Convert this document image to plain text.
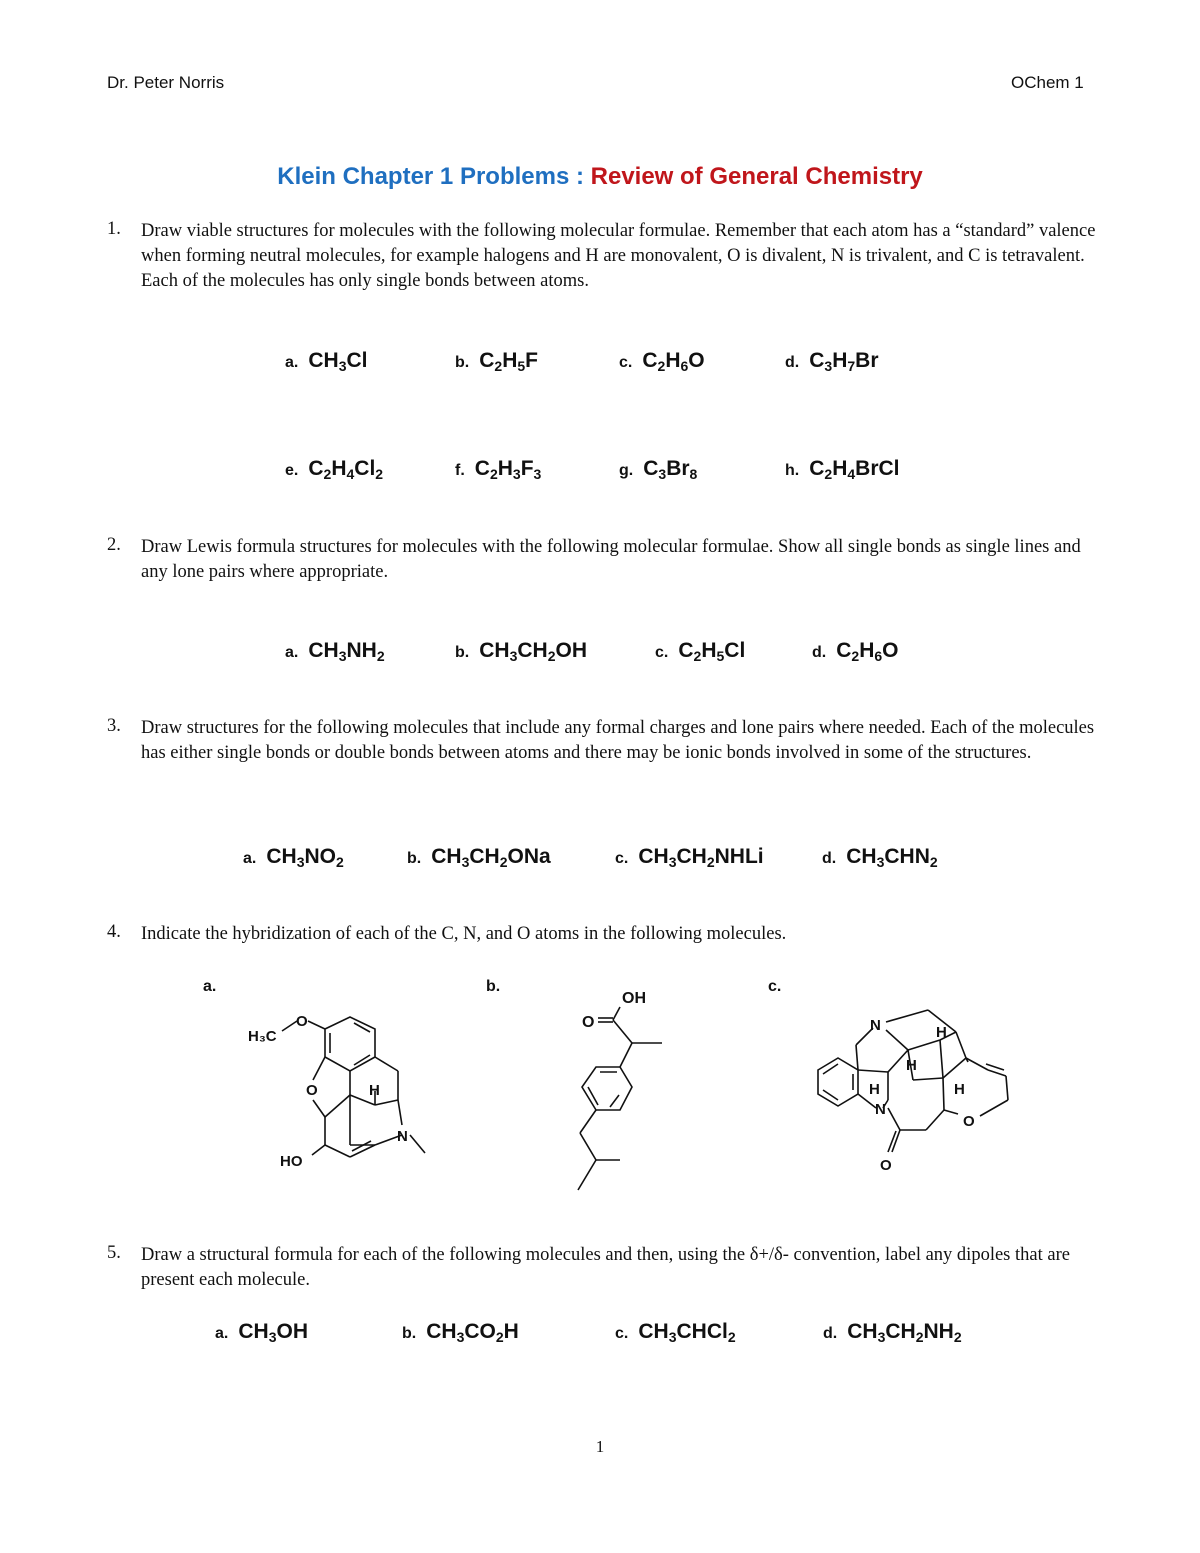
Dr. Peter Norris	OChem 1
Klein Chapter 1 Problems : Review of General Chemistry
1. Draw viable structures for molecules with the following molecular formulae. Remember that each atom has a “standard” valence when forming neutral molecules, for example halogens and H are monovalent, O is divalent, N is trivalent, and C is tetravalent. Each of the molecules has only single bonds between atoms.
a. $CH_3Cl$	b. $C_2H_5F$	c. $C_2H_6O$	d. $C_3H_7Br$
e. $C_2H_4Cl_2$	f. $C_2H_3F_3$	g. $C_3Br_8$	h. $C_2H_4BrCl$
2. Draw Lewis formula structures for molecules with the following molecular formulae. Show all single bonds as single lines and any lone pairs where appropriate.
a. $CH_3NH_2$	b. $CH_3CH_2OH$	c. $C_2H_5Cl$	d. $C_2H_6O$
3. Draw structures for the following molecules that include any formal charges and lone pairs where needed. Each of the molecules has either single bonds or double bonds between atoms and there may be ionic bonds involved in some of the structures.
a. $CH_3NO_2$	b. $CH_3CH_2ONa$	c. $CH_3CH_2NHLi$	d. $CH_3CHN_2$
4. Indicate the hybridization of each of the C, N, and O atoms in the following molecules.
a.	b.	c.
H₃C
O
O	H
N
HO
OH
O	N	H
H
H	H
N
O
O
5. Draw a structural formula for each of the following molecules and then, using the δ+/δ- convention, label any dipoles that are present each molecule.
a. $CH_3OH$	b. $CH_3CO_2H$	c. $CH_3CHCl_2$	d. $CH_3CH_2NH_2$
1
